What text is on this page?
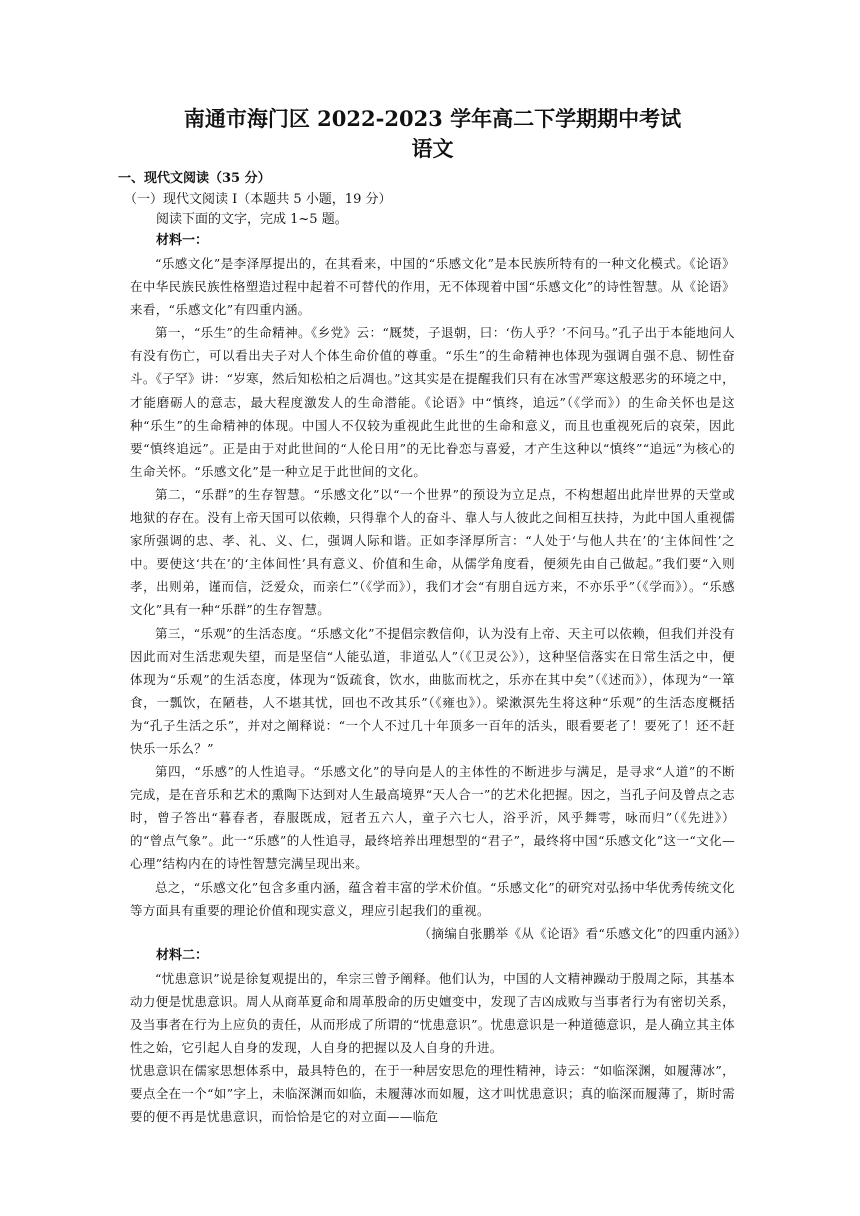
南通市海门区 2022-2023 学年高二下学期期中考试
语文
一、现代文阅读（35 分）
（一）现代文阅读 I（本题共 5 小题，19 分）
阅读下面的文字，完成 1~5 题。
材料一：

“乐感文化”是李泽厚提出的，在其看来，中国的“乐感文化”是本民族所特有的一种文化模式。《论语》在中华民族民族性格塑造过程中起着不可替代的作用，无不体现着中国“乐感文化”的诗性智慧。从《论语》来看，“乐感文化”有四重内涵。

第一，“乐生”的生命精神。《乡党》云：“厩焚，子退朝，曰：‘伤人乎？’不问马。”孔子出于本能地问人有没有伤亡，可以看出夫子对人个体生命价值的尊重。“乐生”的生命精神也体现为强调自强不息、韧性奋斗。《子罕》讲：“岁寒，然后知松柏之后凋也。”这其实是在提醒我们只有在冰雪严寒这般恶劣的环境之中，才能磨砺人的意志，最大程度激发人的生命潜能。《论语》中“慎终，追远”（《学而》）的生命关怀也是这种“乐生”的生命精神的体现。中国人不仅较为重视此生此世的生命和意义，而且也重视死后的哀荣，因此要“慎终追远”。正是由于对此世间的“人伦日用”的无比眷恋与喜爱，才产生这种以“慎终”“追远”为核心的生命关怀。“乐感文化”是一种立足于此世间的文化。

第二，“乐群”的生存智慧。“乐感文化”以“一个世界”的预设为立足点，不构想超出此岸世界的天堂或地狱的存在。没有上帝天国可以依赖，只得靠个人的奋斗、靠人与人彼此之间相互扶持，为此中国人重视儒家所强调的忠、孝、礼、义、仁，强调人际和谐。正如李泽厚所言：“人处于‘与他人共在’的‘主体间性’之中。要使这‘共在’的‘主体间性’具有意义、价值和生命，从儒学角度看，便须先由自己做起。”我们要“入则孝，出则弟，谨而信，泛爱众，而亲仁”（《学而》），我们才会“有朋自远方来，不亦乐乎”（《学而》）。“乐感文化”具有一种“乐群”的生存智慧。

第三，“乐观”的生活态度。“乐感文化”不提倡宗教信仰，认为没有上帝、天主可以依赖，但我们并没有因此而对生活悲观失望，而是坚信“人能弘道，非道弘人”（《卫灵公》），这种坚信落实在日常生活之中，便体现为“乐观”的生活态度，体现为“饭疏食，饮水，曲肱而枕之，乐亦在其中矣”（《述而》），体现为“一箪食，一瓢饮，在陋巷，人不堪其忧，回也不改其乐”（《雍也》）。梁漱溟先生将这种“乐观”的生活态度概括为“孔子生活之乐”，并对之阐释说：“一个人不过几十年顶多一百年的活头，眼看要老了！要死了！还不赶快乐一乐么？”

第四，“乐感”的人性追寻。“乐感文化”的导向是人的主体性的不断进步与满足，是寻求“人道”的不断完成，是在音乐和艺术的熏陶下达到对人生最高境界“天人合一”的艺术化把握。因之，当孔子问及曾点之志时，曾子答出“暮春者，春服既成，冠者五六人，童子六七人，浴乎沂，风乎舞雩，咏而归”（《先进》）的“曾点气象”。此一“乐感”的人性追寻，最终培养出理想型的“君子”，最终将中国“乐感文化”这一“文化—心理”结构内在的诗性智慧完满呈现出来。

总之，“乐感文化”包含多重内涵，蕴含着丰富的学术价值。“乐感文化”的研究对弘扬中华优秀传统文化等方面具有重要的理论价值和现实意义，理应引起我们的重视。

（摘编自张鹏举《从《论语》看“乐感文化”的四重内涵》）

材料二：

“忧患意识”说是徐复观提出的，牟宗三曾予阐释。他们认为，中国的人文精神躁动于殷周之际，其基本动力便是忧患意识。周人从商革夏命和周革殷命的历史嬗变中，发现了吉凶成败与当事者行为有密切关系，及当事者在行为上应负的责任，从而形成了所谓的“忧患意识”。忧患意识是一种道德意识，是人确立其主体性之始，它引起人自身的发现，人自身的把握以及人自身的升进。

忧患意识在儒家思想体系中，最具特色的，在于一种居安思危的理性精神，诗云：“如临深渊，如履薄冰”，要点全在一个“如”字上，未临深渊而如临，未履薄冰而如履，这才叫忧患意识；真的临深而履薄了，斯时需要的便不再是忧患意识，而恰恰是它的对立面——临危
